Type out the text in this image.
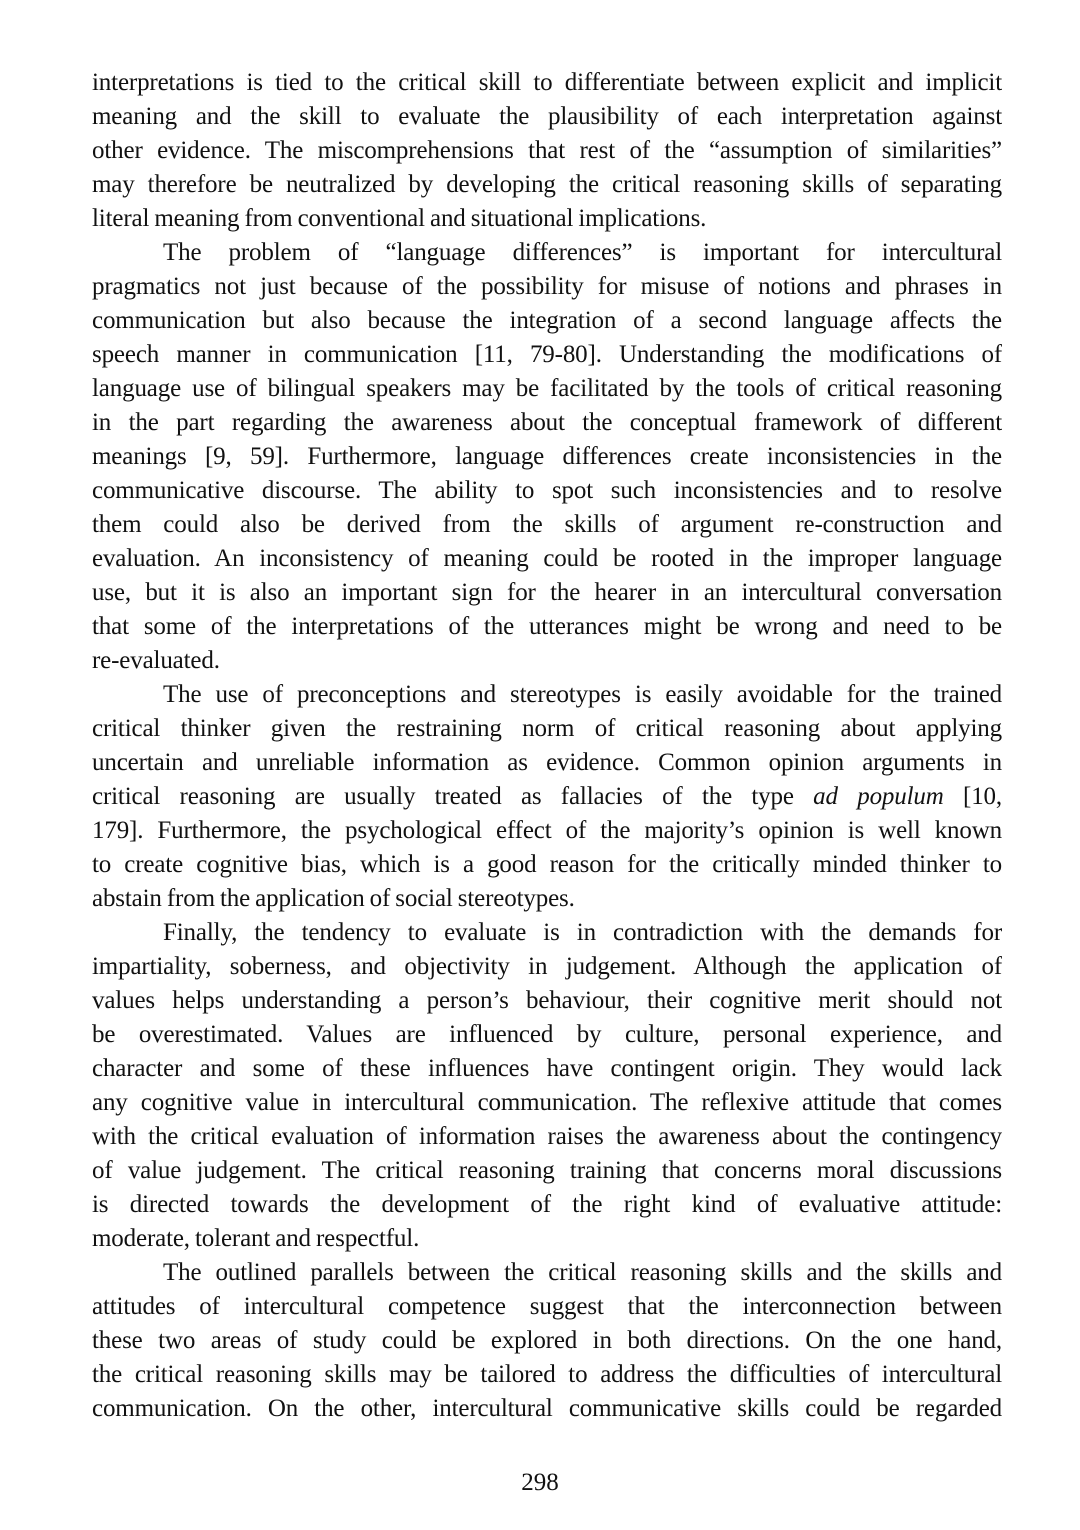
interpretations is tied to the critical skill to differentiate between explicit and implicit
meaning and the skill to evaluate the plausibility of each interpretation against
other evidence. The miscomprehensions that rest of the “assumption of similarities”
may therefore be neutralized by developing the critical reasoning skills of separating
literal meaning from conventional and situational implications.
The problem of “language differences” is important for intercultural
pragmatics not just because of the possibility for misuse of notions and phrases in
communication but also because the integration of a second language affects the
speech manner in communication [11, 79-80]. Understanding the modifications of
language use of bilingual speakers may be facilitated by the tools of critical reasoning
in the part regarding the awareness about the conceptual framework of different
meanings [9, 59]. Furthermore, language differences create inconsistencies in the
communicative discourse. The ability to spot such inconsistencies and to resolve
them could also be derived from the skills of argument re-construction and
evaluation. An inconsistency of meaning could be rooted in the improper language
use, but it is also an important sign for the hearer in an intercultural conversation
that some of the interpretations of the utterances might be wrong and need to be
re-evaluated.
The use of preconceptions and stereotypes is easily avoidable for the trained
critical thinker given the restraining norm of critical reasoning about applying
uncertain and unreliable information as evidence. Common opinion arguments in
critical reasoning are usually treated as fallacies of the type ad populum [10,
179]. Furthermore, the psychological effect of the majority’s opinion is well known
to create cognitive bias, which is a good reason for the critically minded thinker to
abstain from the application of social stereotypes.
Finally, the tendency to evaluate is in contradiction with the demands for
impartiality, soberness, and objectivity in judgement. Although the application of
values helps understanding a person’s behaviour, their cognitive merit should not
be overestimated. Values are influenced by culture, personal experience, and
character and some of these influences have contingent origin. They would lack
any cognitive value in intercultural communication. The reflexive attitude that comes
with the critical evaluation of information raises the awareness about the contingency
of value judgement. The critical reasoning training that concerns moral discussions
is directed towards the development of the right kind of evaluative attitude:
moderate, tolerant and respectful.
The outlined parallels between the critical reasoning skills and the skills and
attitudes of intercultural competence suggest that the interconnection between
these two areas of study could be explored in both directions. On the one hand,
the critical reasoning skills may be tailored to address the difficulties of intercultural
communication. On the other, intercultural communicative skills could be regarded
298
